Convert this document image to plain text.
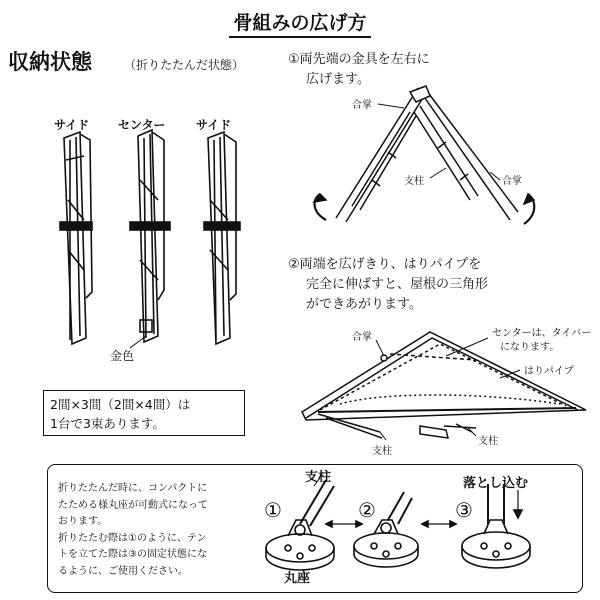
骨組みの広げ方
収納状態	（折りたたんだ状態）
サイド センター	サイド
金色
2間×3間（2間×4間）は
1台で3束あります。
①両先端の金具を左右に
広げます。
合掌
支柱	合掌
②両端を広げきり、はりパイプを
完全に伸ばすと、屋根の三角形
ができあがります。
合掌	センターは、タイバー
になります。
はりパイプ
支柱
支柱
折りたたんだ時に、コンパクトに
たためる様丸座が可動式になって
おります。
折りたたむ際は①のように、テン
トを立てた際は③の固定状態にな
るように、ご使用ください。
支柱	落とし込む
丸座
①	②	③
